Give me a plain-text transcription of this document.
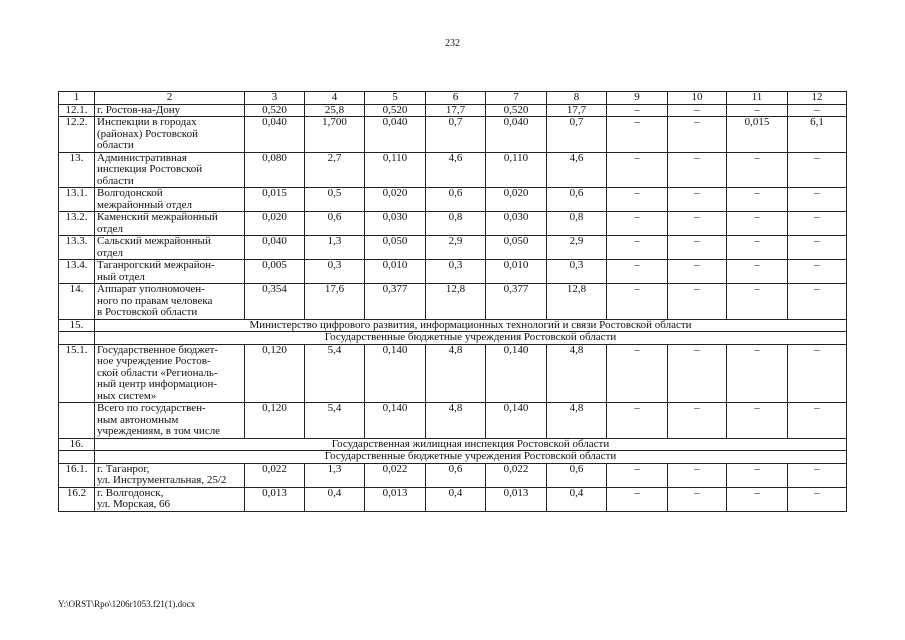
232
1	2	3	4	5	6	7	8	9	10	11	12
12.1.	г. Ростов-на-Дону	0,520	25,8	0,520	17,7	0,520	17,7	–	–	–	–
12.2.	Инспекции в городах
(районах) Ростовской
области	0,040	1,700	0,040	0,7	0,040	0,7	–	–	0,015	6,1
13.	Административная
инспекция Ростовской
области	0,080	2,7	0,110	4,6	0,110	4,6	–	–	–	–
13.1.	Волгодонской
межрайонный отдел	0,015	0,5	0,020	0,6	0,020	0,6	–	–	–	–
13.2.	Каменский межрайонный
отдел	0,020	0,6	0,030	0,8	0,030	0,8	–	–	–	–
13.3.	Сальский межрайонный
отдел	0,040	1,3	0,050	2,9	0,050	2,9	–	–	–	–
13.4.	Таганрогский межрайон-
ный отдел	0,005	0,3	0,010	0,3	0,010	0,3	–	–	–	–
14.	Аппарат уполномочен-
ного по правам человека
в Ростовской области	0,354	17,6	0,377	12,8	0,377	12,8	–	–	–	–
15.	Министерство цифрового развития, информационных технологий и связи Ростовской области										
	Государственные бюджетные учреждения Ростовской области										
15.1.	Государственное бюджет-
ное учреждение Ростов-
ской области «Региональ-
ный центр информацион-
ных систем»	0,120	5,4	0,140	4,8	0,140	4,8	–	–	–	–
	Всего по государствен-
ным автономным
учреждениям, в том числе	0,120	5,4	0,140	4,8	0,140	4,8	–	–	–	–
16.	Государственная жилищная инспекция Ростовской области										
	Государственные бюджетные учреждения Ростовской области										
16.1.	г. Таганрог,
ул. Инструментальная, 25/2	0,022	1,3	0,022	0,6	0,022	0,6	–	–	–	–
16.2	г. Волгодонск,
ул. Морская, 66	0,013	0,4	0,013	0,4	0,013	0,4	–	–	–	–
Y:\ORST\Rpo\1206r1053.f21(1).docx
